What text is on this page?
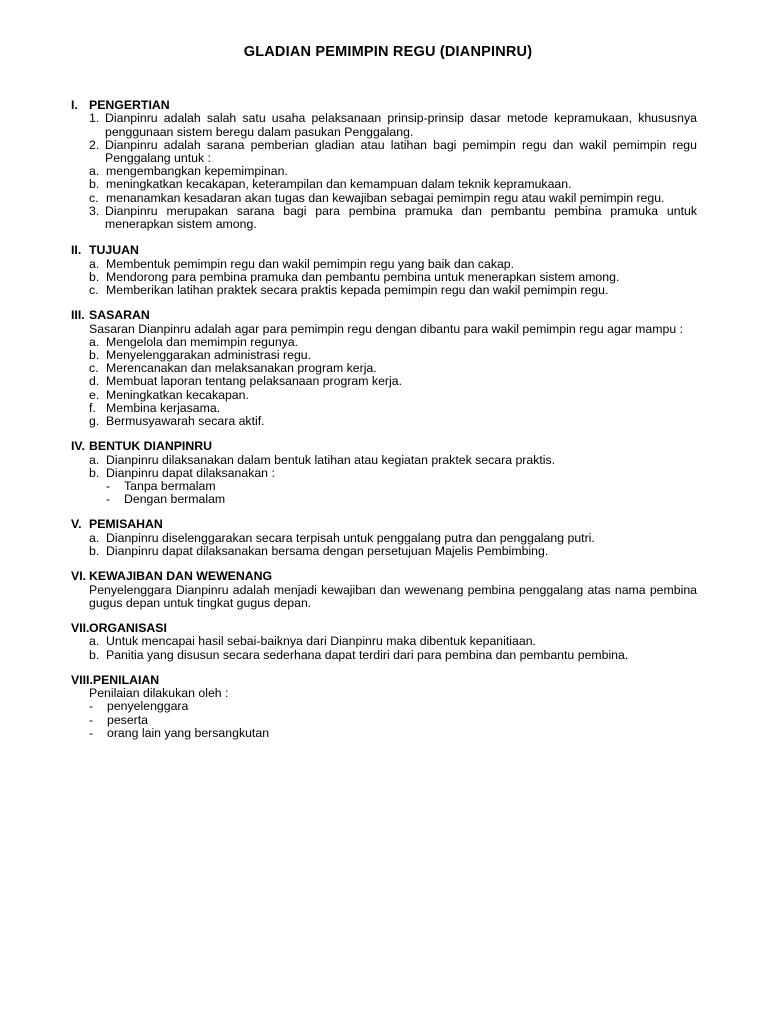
GLADIAN PEMIMPIN REGU (DIANPINRU)
I. PENGERTIAN
1. Dianpinru adalah salah satu usaha pelaksanaan prinsip-prinsip dasar metode kepramukaan, khususnya penggunaan sistem beregu dalam pasukan Penggalang.
2. Dianpinru adalah sarana pemberian gladian atau latihan bagi pemimpin regu dan wakil pemimpin regu Penggalang untuk :
a. mengembangkan kepemimpinan.
b. meningkatkan kecakapan, keterampilan dan kemampuan dalam teknik kepramukaan.
c. menanamkan kesadaran akan tugas dan kewajiban sebagai pemimpin regu atau wakil pemimpin regu.
3. Dianpinru merupakan sarana bagi para pembina pramuka dan pembantu pembina pramuka untuk menerapkan sistem among.
II. TUJUAN
a. Membentuk pemimpin regu dan wakil pemimpin regu yang baik dan cakap.
b. Mendorong para pembina pramuka dan pembantu pembina untuk menerapkan sistem among.
c. Memberikan latihan praktek secara praktis kepada pemimpin regu dan wakil pemimpin regu.
III. SASARAN
Sasaran Dianpinru adalah agar para pemimpin regu dengan dibantu para wakil pemimpin regu agar mampu :
a. Mengelola dan memimpin regunya.
b. Menyelenggarakan administrasi regu.
c. Merencanakan dan melaksanakan program kerja.
d. Membuat laporan tentang pelaksanaan program kerja.
e. Meningkatkan kecakapan.
f. Membina kerjasama.
g. Bermusyawarah secara aktif.
IV. BENTUK DIANPINRU
a. Dianpinru dilaksanakan dalam bentuk latihan atau kegiatan praktek secara praktis.
b. Dianpinru dapat dilaksanakan :
-	Tanpa bermalam
-	Dengan bermalam
V. PEMISAHAN
a. Dianpinru diselenggarakan secara terpisah untuk penggalang putra dan penggalang putri.
b. Dianpinru dapat dilaksanakan bersama dengan persetujuan Majelis Pembimbing.
VI. KEWAJIBAN DAN WEWENANG
Penyelenggara Dianpinru adalah menjadi kewajiban dan wewenang pembina penggalang atas nama pembina gugus depan untuk tingkat gugus depan.
VII. ORGANISASI
a. Untuk mencapai hasil sebai-baiknya dari Dianpinru maka dibentuk kepanitiaan.
b. Panitia yang disusun secara sederhana dapat terdiri dari para pembina dan pembantu pembina.
VIII. PENILAIAN
Penilaian dilakukan oleh :
-	penyelenggara
-	peserta
-	orang lain yang bersangkutan
